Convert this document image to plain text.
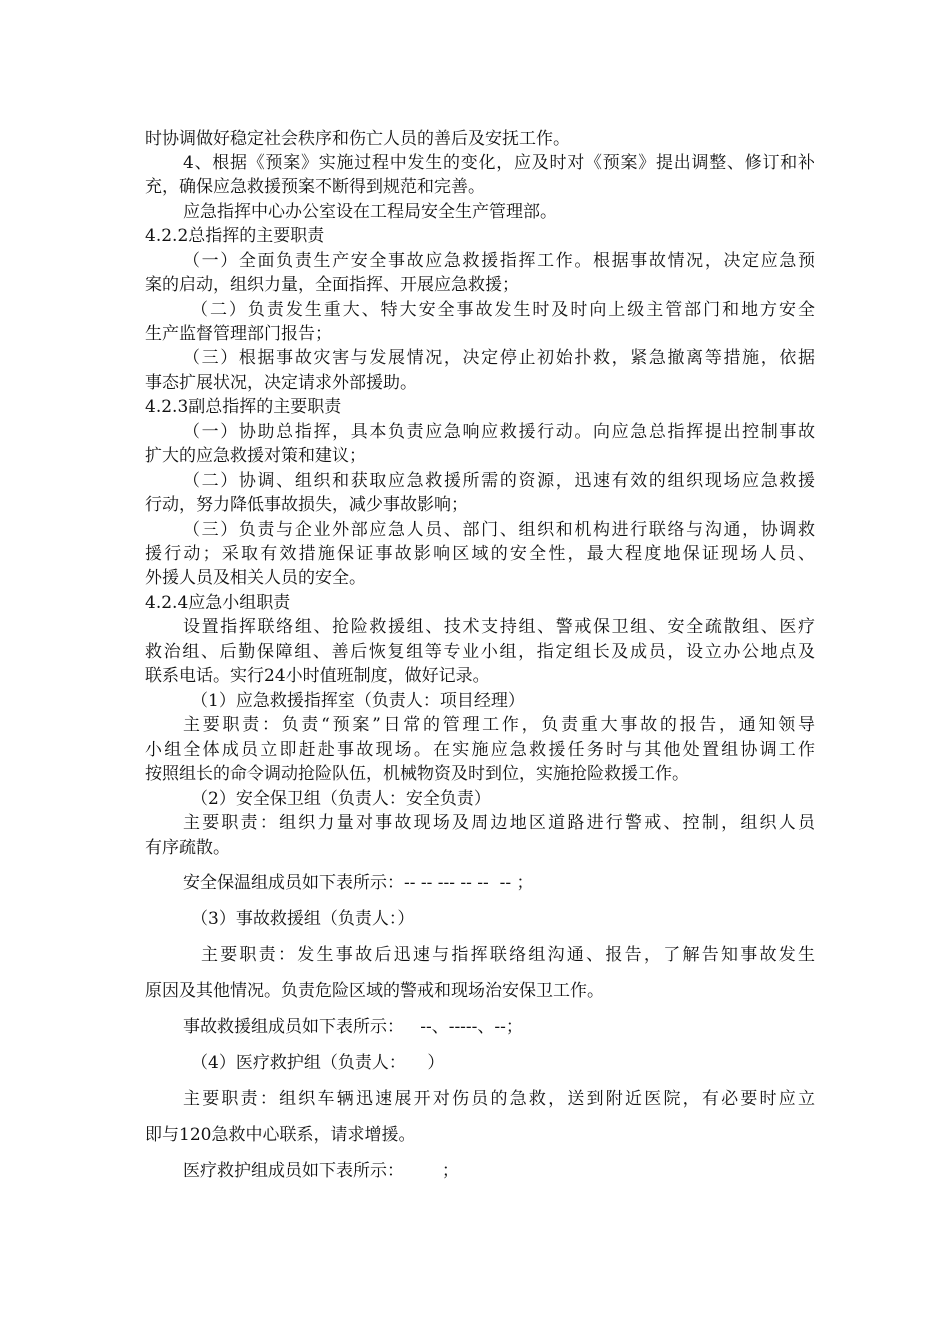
时协调做好稳定社会秩序和伤亡人员的善后及安抚工作。

4、根据《预案》实施过程中发生的变化，应及时对《预案》提出调整、修订和补

充，确保应急救援预案不断得到规范和完善。

应急指挥中心办公室设在工程局安全生产管理部。

4.2.2总指挥的主要职责

（一）全面负责生产安全事故应急救援指挥工作。根据事故情况，决定应急预

案的启动，组织力量，全面指挥、开展应急救援；

（二）负责发生重大、特大安全事故发生时及时向上级主管部门和地方安全

生产监督管理部门报告；

（三）根据事故灾害与发展情况，决定停止初始扑救，紧急撤离等措施，依据

事态扩展状况，决定请求外部援助。

4.2.3副总指挥的主要职责

（一）协助总指挥，具本负责应急响应救援行动。向应急总指挥提出控制事故

扩大的应急救援对策和建议；

（二）协调、组织和获取应急救援所需的资源，迅速有效的组织现场应急救援

行动，努力降低事故损失，减少事故影响；

（三）负责与企业外部应急人员、部门、组织和机构进行联络与沟通，协调救

援行动；采取有效措施保证事故影响区域的安全性，最大程度地保证现场人员、

外援人员及相关人员的安全。

4.2.4应急小组职责

设置指挥联络组、抢险救援组、技术支持组、警戒保卫组、安全疏散组、医疗

救治组、后勤保障组、善后恢复组等专业小组，指定组长及成员，设立办公地点及

联系电话。实行24小时值班制度，做好记录。

（1）应急救援指挥室（负责人：项目经理）

主要职责：负责“预案”日常的管理工作，负责重大事故的报告，通知领导

小组全体成员立即赶赴事故现场。在实施应急救援任务时与其他处置组协调工作

按照组长的命令调动抢险队伍，机械物资及时到位，实施抢险救援工作。

（2）安全保卫组（负责人：安全负责）

主要职责：组织力量对事故现场及周边地区道路进行警戒、控制，组织人员

有序疏散。

安全保温组成员如下表所示：-- -- --- -- --  -- ；

（3）事故救援组（负责人：）

主要职责：发生事故后迅速与指挥联络组沟通、报告，了解告知事故发生

原因及其他情况。负责危险区域的警戒和现场治安保卫工作。

事故救援组成员如下表所示：   --、-----、--；

（4）医疗救护组（负责人：    ）

主要职责：组织车辆迅速展开对伤员的急救，送到附近医院，有必要时应立

即与120急救中心联系，请求增援。

医疗救护组成员如下表所示：       ；
